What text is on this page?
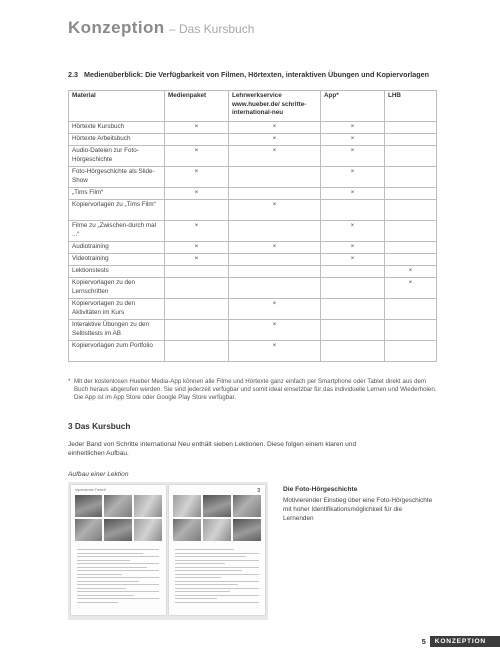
Konzeption – Das Kursbuch
2.3 Medienüberblick: Die Verfügbarkeit von Filmen, Hörtexten, interaktiven Übungen und Kopiervorlagen
Material	Medienpaket	Lehrwerkservice www.hueber.de/ schritte-international-neu	App*	LHB
Hörtexte Kursbuch	×	×	×	
Hörtexte Arbeitsbuch		×	×	
Audio-Dateien zur Foto-Hörgeschichte	×	×	×	
Foto-Hörgeschichte als Slide-Show	×		×	
„Tims Film“	×		×	
Kopiervorlagen zu „Tims Film“		×		
Filme zu „Zwischen-durch mal ...“	×		×	
Audiotraining	×	×	×	
Videotraining	×		×	
Lektionstests				×
Kopiervorlagen zu den Lernschritten				×
Kopiervorlagen zu den Aktivitäten im Kurs		×		
Interaktive Übungen zu den Selbsttests im AB		×		
Kopiervorlagen zum Portfolio		×		
* Mit der kostenlosen Hueber Media-App können alle Filme und Hörtexte ganz einfach per Smartphone oder Tablet direkt aus dem Buch heraus abgerufen werden. Sie sind jederzeit verfügbar und somit ideal einsetzbar für das individuelle Lernen und Wiederholen. Die App ist im App Store oder Google Play Store verfügbar.
3 Das Kursbuch
Jeder Band von Schritte international Neu enthält sieben Lektionen. Diese folgen einem klaren und einheitlichen Aufbau.
Aufbau einer Lektion
Impressionen Freizeit	3	Die Foto-Hörgeschichte
Motivierender Einstieg über eine Foto-Hörgeschichte mit hoher Identifikationsmöglichkeit für die Lernenden
5	KONZEPTION
